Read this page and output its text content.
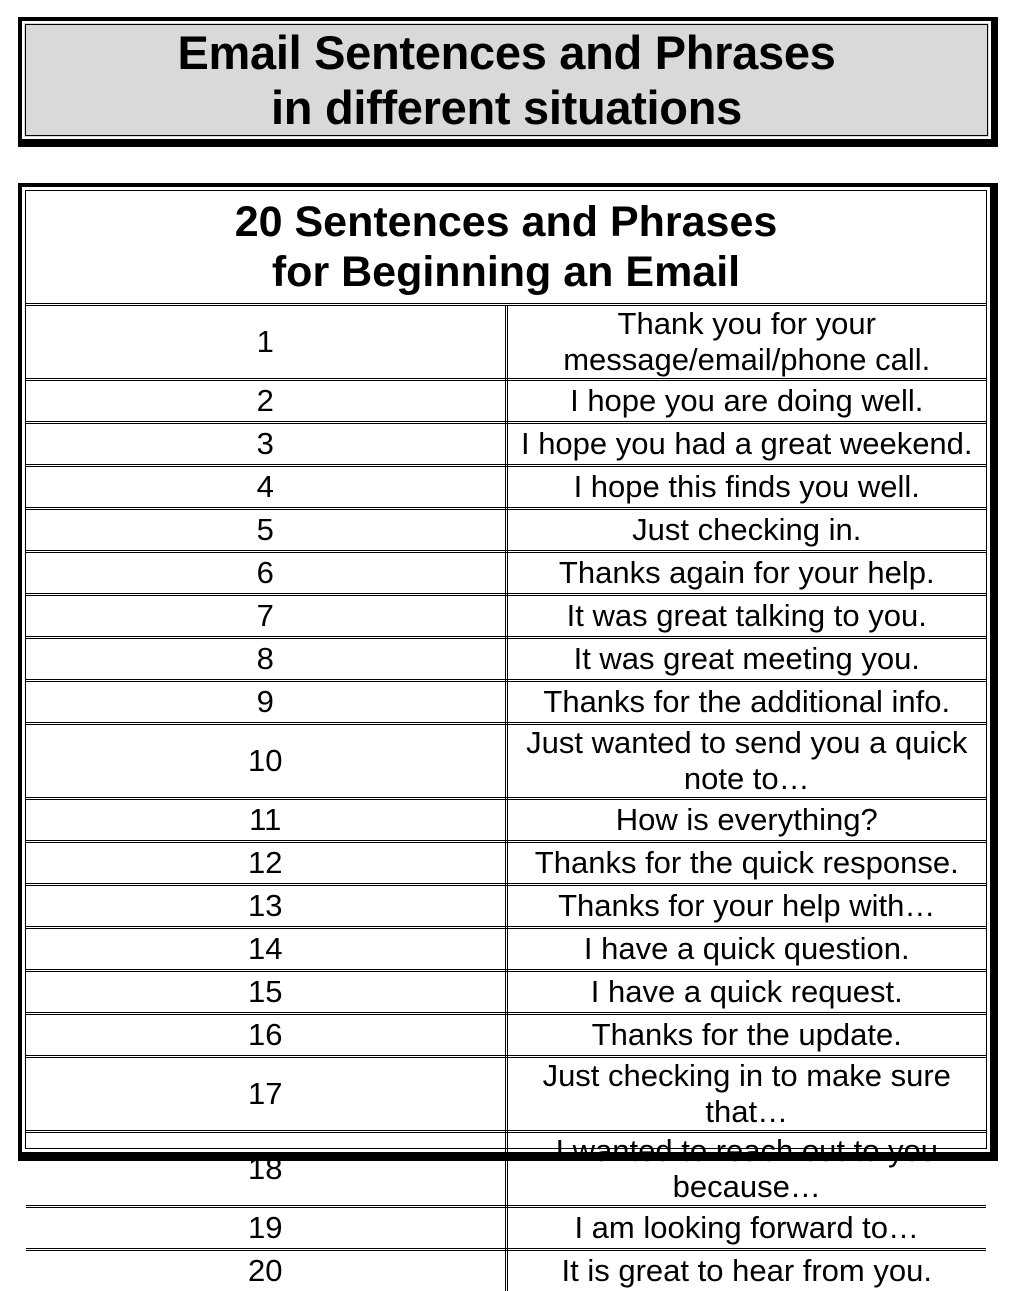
Email Sentences and Phrases
in different situations
20 Sentences and Phrases
for Beginning an Email	

1	Thank you for your message/email/phone call.
2	I hope you are doing well.
3	I hope you had a great weekend.
4	I hope this finds you well.
5	Just checking in.
6	Thanks again for your help.
7	It was great talking to you.
8	It was great meeting you.
9	Thanks for the additional info.
10	Just wanted to send you a quick note to…
11	How is everything?
12	Thanks for the quick response.
13	Thanks for your help with…
14	I have a quick question.
15	I have a quick request.
16	Thanks for the update.
17	Just checking in to make sure that…
18	I wanted to reach out to you because…
19	I am looking forward to…
20	It is great to hear from you.
